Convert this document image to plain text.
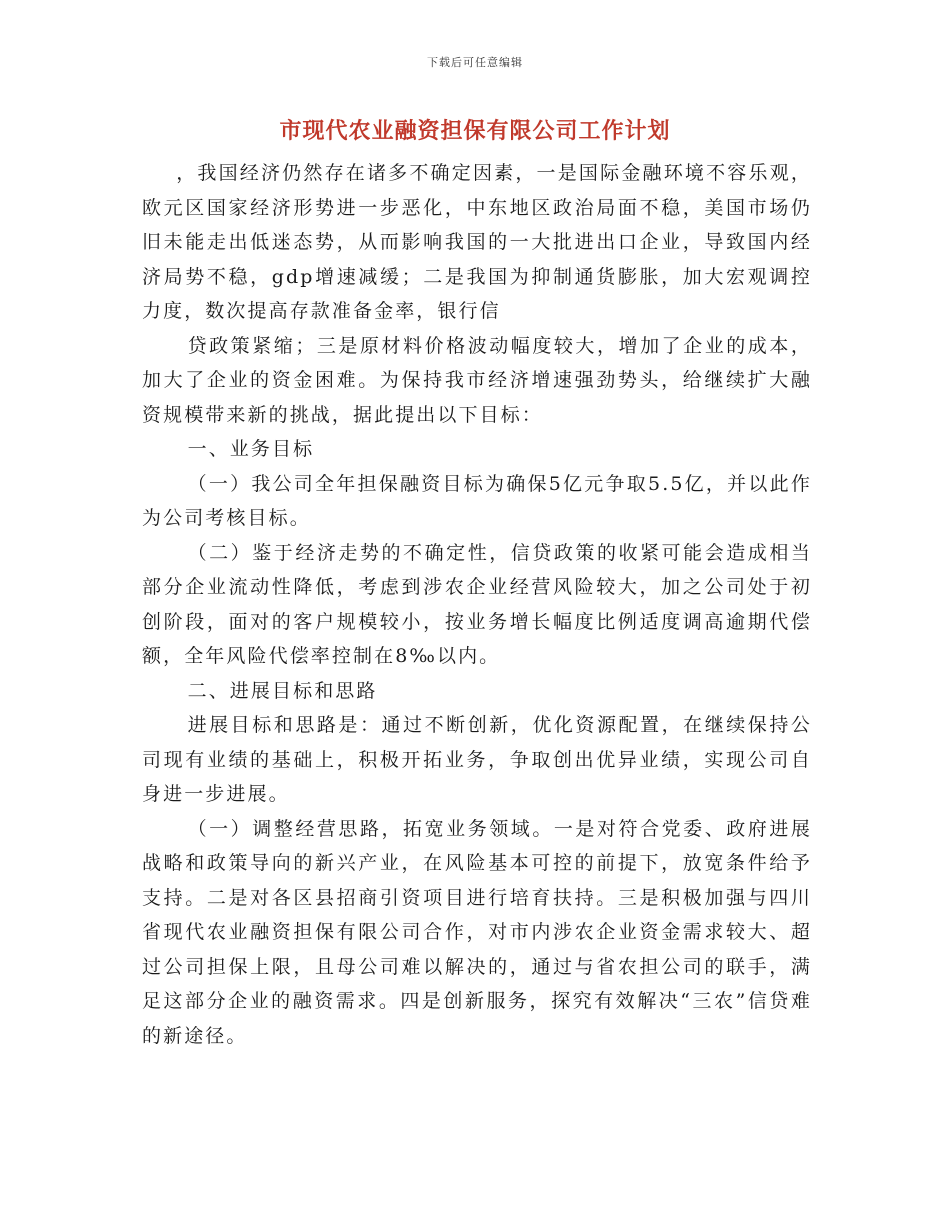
下载后可任意编辑
市现代农业融资担保有限公司工作计划

，我国经济仍然存在诸多不确定因素，一是国际金融环境不容乐观，欧元区国家经济形势进一步恶化，中东地区政治局面不稳，美国市场仍旧未能走出低迷态势，从而影响我国的一大批进出口企业，导致国内经济局势不稳，gdp增速减缓；二是我国为抑制通货膨胀，加大宏观调控力度，数次提高存款准备金率，银行信

贷政策紧缩；三是原材料价格波动幅度较大，增加了企业的成本，加大了企业的资金困难。为保持我市经济增速强劲势头，给继续扩大融资规模带来新的挑战，据此提出以下目标：

一、业务目标

（一）我公司全年担保融资目标为确保5亿元争取5.5亿，并以此作为公司考核目标。

（二）鉴于经济走势的不确定性，信贷政策的收紧可能会造成相当部分企业流动性降低，考虑到涉农企业经营风险较大，加之公司处于初创阶段，面对的客户规模较小，按业务增长幅度比例适度调高逾期代偿额，全年风险代偿率控制在8‰以内。

二、进展目标和思路

进展目标和思路是：通过不断创新，优化资源配置，在继续保持公司现有业绩的基础上，积极开拓业务，争取创出优异业绩，实现公司自身进一步进展。

（一）调整经营思路，拓宽业务领域。一是对符合党委、政府进展战略和政策导向的新兴产业，在风险基本可控的前提下，放宽条件给予支持。二是对各区县招商引资项目进行培育扶持。三是积极加强与四川省现代农业融资担保有限公司合作，对市内涉农企业资金需求较大、超过公司担保上限，且母公司难以解决的，通过与省农担公司的联手，满足这部分企业的融资需求。四是创新服务，探究有效解决“三农”信贷难的新途径。
